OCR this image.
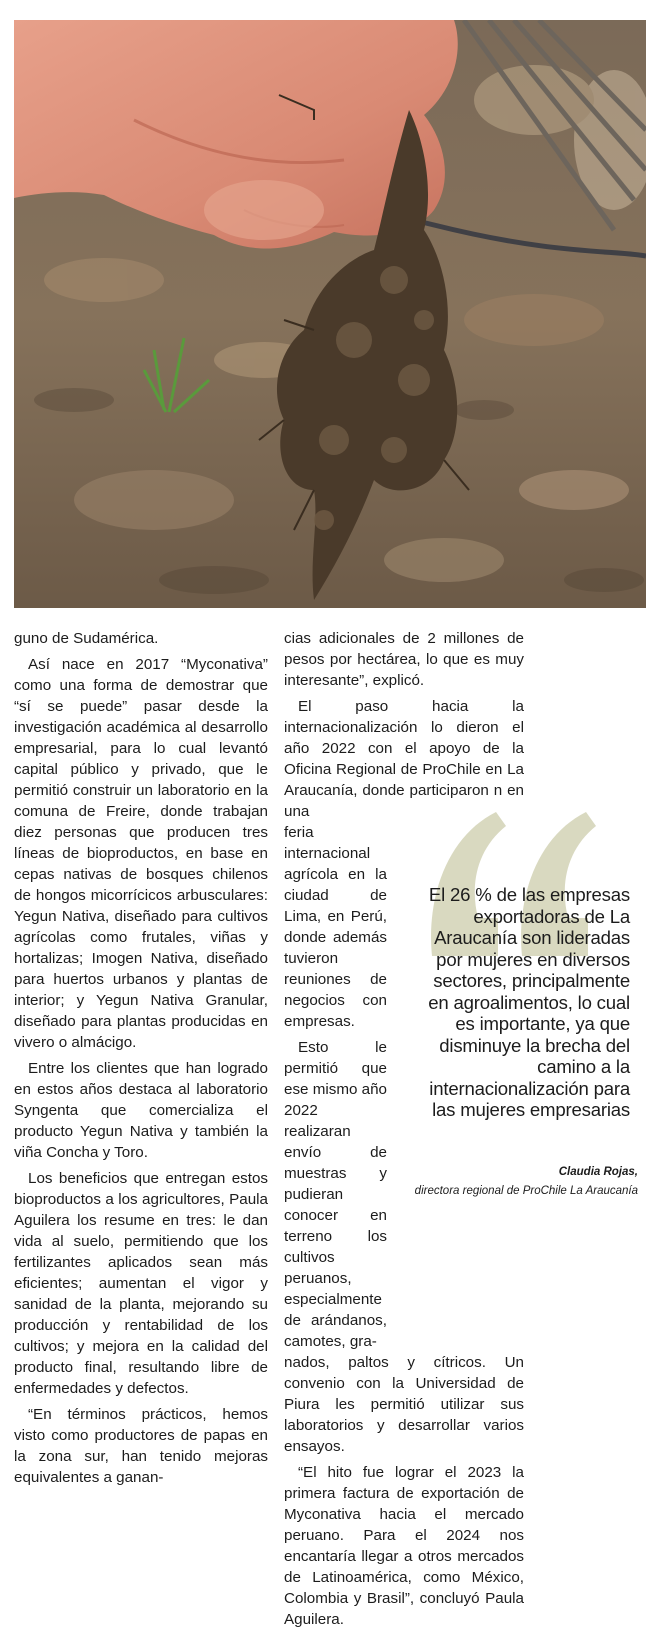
guno de Sudamérica.

Así nace en 2017 “Myconativa” como una forma de demostrar que “sí se puede” pasar desde la investigación académica al desarrollo empresarial, para lo cual levantó capital público y privado, que le permitió construir un laboratorio en la comuna de Freire, donde trabajan diez personas que producen tres líneas de bioproductos, en base en cepas nativas de bosques chilenos de hongos micorrícicos arbusculares: Yegun Nativa, diseñado para cultivos agrícolas como frutales, viñas y hortalizas; Imogen Nativa, diseñado para huertos urbanos y plantas de interior; y Yegun Nativa Granular, diseñado para plantas producidas en vivero o almácigo.

Entre los clientes que han logrado en estos años destaca al laboratorio Syngenta que comercializa el producto Yegun Nativa y también la viña Concha y Toro.

Los beneficios que entregan estos bioproductos a los agricultores, Paula Aguilera los resume en tres: le dan vida al suelo, permitiendo que los fertilizantes aplicados sean más eficientes; aumentan el vigor y sanidad de la planta, mejorando su producción y rentabilidad de los cultivos; y mejora en la calidad del producto final, resultando libre de enfermedades y defectos.

“En términos prácticos, hemos visto como productores de papas en la zona sur, han tenido mejoras equivalentes a ganan-

cias adicionales de 2 millones de pesos por hectárea, lo que es muy interesante”, explicó.

El paso hacia la internacionalización lo dieron el año 2022 con el apoyo de la Oficina Regional de ProChile en La Araucanía, donde participaron n en una

feria internacional agrícola en la ciudad de Lima, en Perú, donde además tuvieron reuniones de negocios con empresas.

Esto le permitió que ese mismo año 2022 realizaran envío de muestras y pudieran conocer en terreno los cultivos peruanos, especialmente de arándanos, camotes, gra-

nados, paltos y cítricos. Un convenio con la Universidad de Piura les permitió utilizar sus laboratorios y desarrollar varios ensayos.

“El hito fue lograr el 2023 la primera factura de exportación de Myconativa hacia el mercado peruano. Para el 2024 nos encantaría llegar a otros mercados de Latinoamérica, como México, Colombia y Brasil”, concluyó Paula Aguilera.

El 26 % de las empresas exportadoras de La Araucanía son lideradas por mujeres en diversos sectores, principalmente en agroalimentos, lo cual es importante, ya que disminuye la brecha del camino a la internacionalización para las mujeres empresarias
Claudia Rojas,
directora regional de ProChile La Araucanía
